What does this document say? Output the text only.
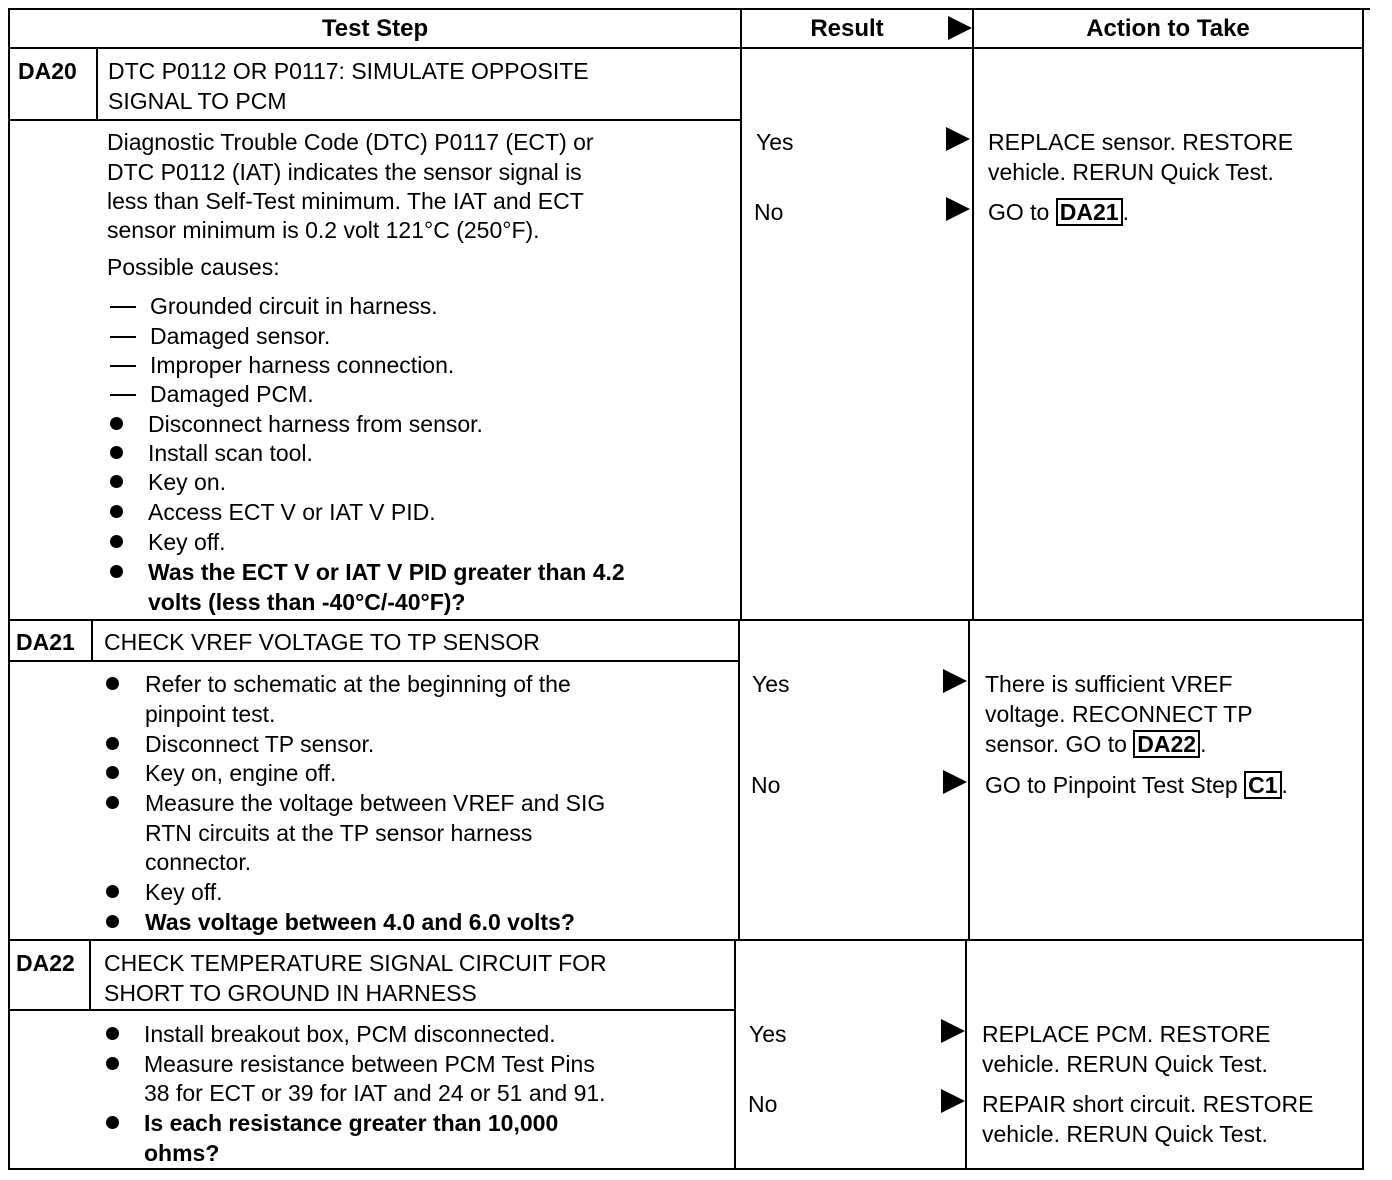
Test Step	Result	Action to Take
DA20 DTC P0112 OR P0117: SIMULATE OPPOSITE
SIGNAL TO PCM
Diagnostic Trouble Code (DTC) P0117 (ECT) or
DTC P0112 (IAT) indicates the sensor signal is
less than Self-Test minimum. The IAT and ECT
sensor minimum is 0.2 volt 121°C (250°F).
Possible causes:
Grounded circuit in harness.
Damaged sensor.
Improper harness connection.
Damaged PCM.
Disconnect harness from sensor.
Install scan tool.
Key on.
Access ECT V or IAT V PID.
Key off.
Was the ECT V or IAT V PID greater than 4.2
volts (less than -40°C/-40°F)?
Yes	REPLACE sensor. RESTORE
vehicle. RERUN Quick Test.
No	GO to DA21 .
DA21 CHECK VREF VOLTAGE TO TP SENSOR
Refer to schematic at the beginning of the
pinpoint test.
Disconnect TP sensor.
Key on, engine off.
Measure the voltage between VREF and SIG
RTN circuits at the TP sensor harness
connector.
Key off.
Was voltage between 4.0 and 6.0 volts?
Yes	There is sufficient VREF
voltage. RECONNECT TP
sensor. GO to DA22 .
No	GO to Pinpoint Test Step C1 .
DA22 CHECK TEMPERATURE SIGNAL CIRCUIT FOR
SHORT TO GROUND IN HARNESS
Install breakout box, PCM disconnected.
Measure resistance between PCM Test Pins
38 for ECT or 39 for IAT and 24 or 51 and 91.
Is each resistance greater than 10,000
ohms?
Yes	REPLACE PCM. RESTORE
vehicle. RERUN Quick Test.
No	REPAIR short circuit. RESTORE
vehicle. RERUN Quick Test.
